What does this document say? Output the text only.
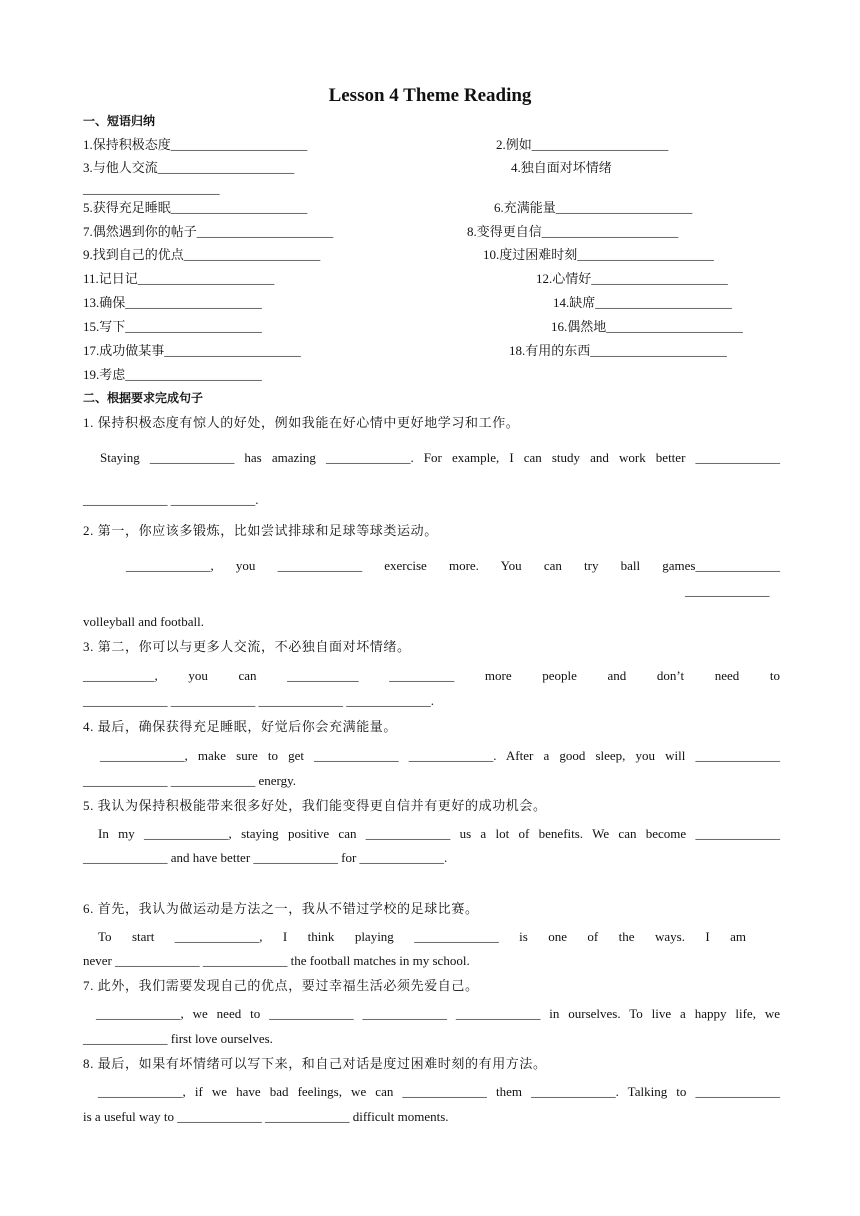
Lesson 4 Theme Reading
一、短语归纳
1.保持积极态度_____________________	2.例如_____________________
3.与他人交流_____________________	4.独自面对坏情绪
_____________________
5.获得充足睡眠_____________________	6.充满能量_____________________
7.偶然遇到你的帖子_____________________	8.变得更自信_____________________
9.找到自己的优点_____________________	10.度过困难时刻_____________________
11.记日记_____________________	12.心情好_____________________
13.确保_____________________	14.缺席_____________________
15.写下_____________________	16.偶然地_____________________
17.成功做某事_____________________	18.有用的东西_____________________
19.考虑_____________________
二、根据要求完成句子
1. 保持积极态度有惊人的好处，例如我能在好心情中更好地学习和工作。
Staying _____________ has amazing _____________. For example, I can study and work better _____________
_____________ _____________.
2. 第一，你应该多锻炼，比如尝试排球和足球等球类运动。
_____________, you _____________ exercise more. You can try ball games_____________
_____________
volleyball and football.
3. 第二，你可以与更多人交流，不必独自面对坏情绪。
___________, you can ___________ __________ more people and don’t need to
_____________ _____________ _____________ _____________.
4. 最后，确保获得充足睡眠，好觉后你会充满能量。
_____________, make sure to get _____________ _____________. After a good sleep, you will _____________
_____________ _____________ energy.
5. 我认为保持积极能带来很多好处，我们能变得更自信并有更好的成功机会。
In my _____________, staying positive can _____________ us a lot of benefits. We can become _____________
_____________ and have better _____________ for _____________.
6. 首先，我认为做运动是方法之一，我从不错过学校的足球比赛。
To start _____________, I think playing _____________ is one of the ways. I am
never _____________ _____________ the football matches in my school.
7. 此外，我们需要发现自己的优点，要过幸福生活必须先爱自己。
_____________, we need to _____________ _____________ _____________ in ourselves. To live a happy life, we
_____________ first love ourselves.
8. 最后，如果有坏情绪可以写下来，和自己对话是度过困难时刻的有用方法。
_____________, if we have bad feelings, we can _____________ them _____________. Talking to _____________
is a useful way to _____________ _____________ difficult moments.
